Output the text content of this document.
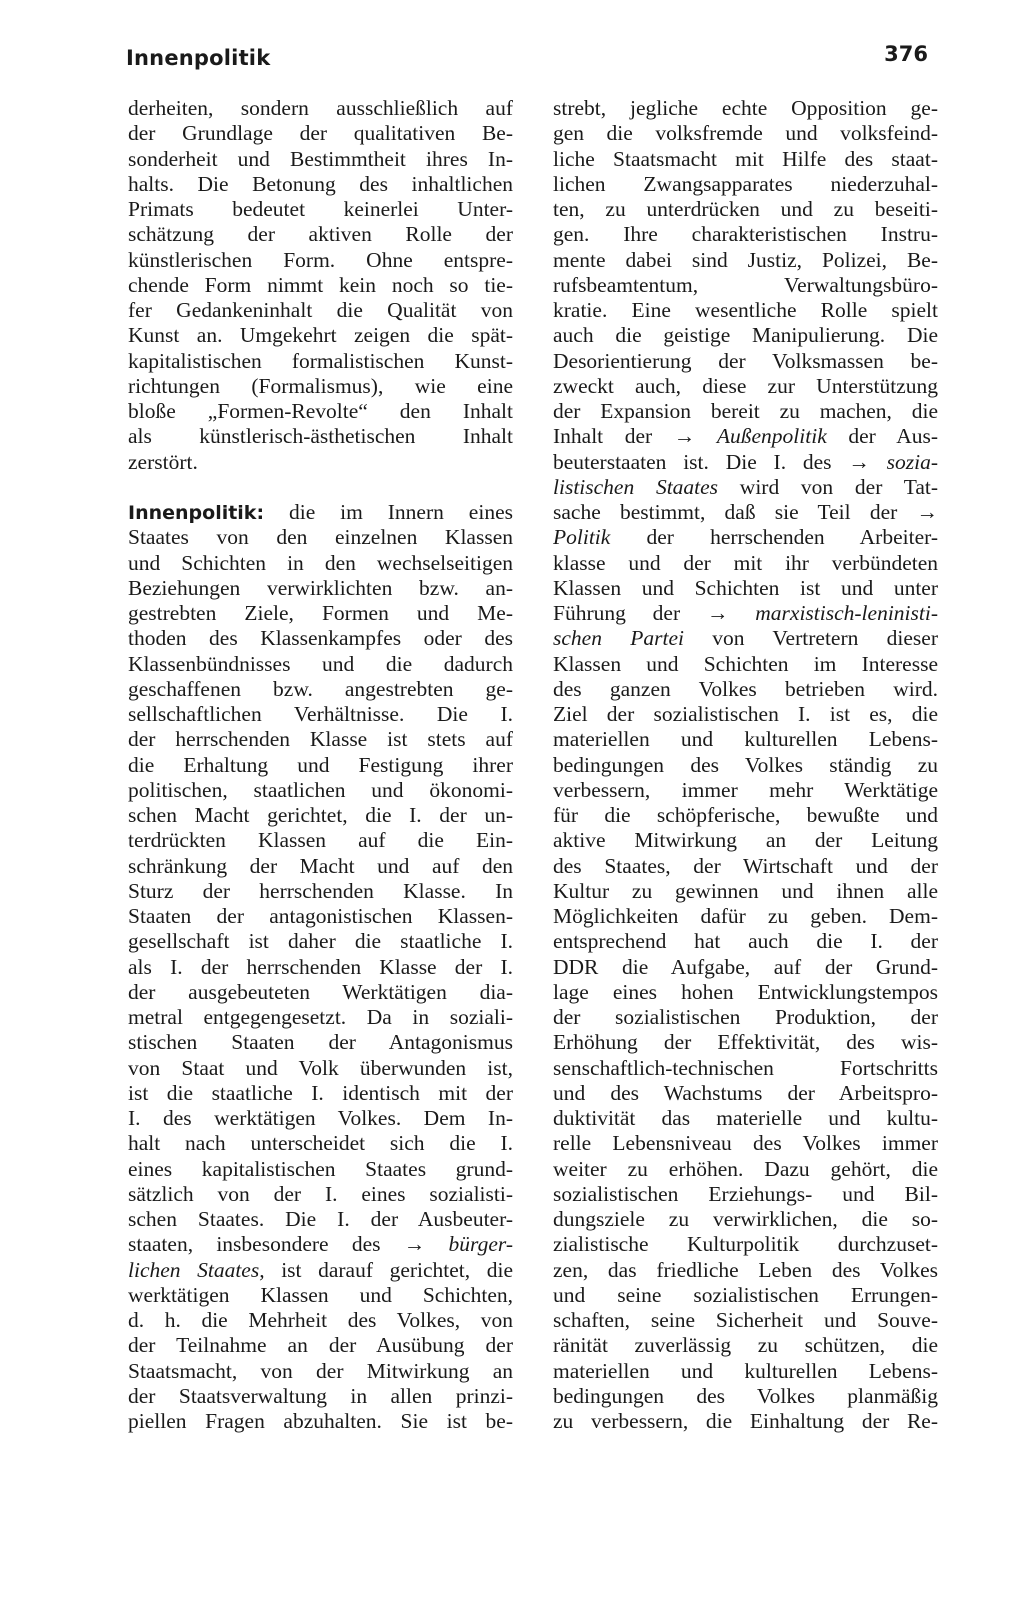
Innenpolitik	376
derheiten, sondern ausschließlich auf
der Grundlage der qualitativen Be-
sonderheit und Bestimmtheit ihres In-
halts. Die Betonung des inhaltlichen
Primats bedeutet keinerlei Unter-
schätzung der aktiven Rolle der
künstlerischen Form. Ohne entspre-
chende Form nimmt kein noch so tie-
fer Gedankeninhalt die Qualität von
Kunst an. Umgekehrt zeigen die spät-
kapitalistischen formalistischen Kunst-
richtungen (Formalismus), wie eine
bloße „Formen-Revolte“ den Inhalt
als künstlerisch-ästhetischen Inhalt
zerstört.
Innenpolitik: die im Innern eines
Staates von den einzelnen Klassen
und Schichten in den wechselseitigen
Beziehungen verwirklichten bzw. an-
gestrebten Ziele, Formen und Me-
thoden des Klassenkampfes oder des
Klassenbündnisses und die dadurch
geschaffenen bzw. angestrebten ge-
sellschaftlichen Verhältnisse. Die I.
der herrschenden Klasse ist stets auf
die Erhaltung und Festigung ihrer
politischen, staatlichen und ökonomi-
schen Macht gerichtet, die I. der un-
terdrückten Klassen auf die Ein-
schränkung der Macht und auf den
Sturz der herrschenden Klasse. In
Staaten der antagonistischen Klassen-
gesellschaft ist daher die staatliche I.
als I. der herrschenden Klasse der I.
der ausgebeuteten Werktätigen dia-
metral entgegengesetzt. Da in soziali-
stischen Staaten der Antagonismus
von Staat und Volk überwunden ist,
ist die staatliche I. identisch mit der
I. des werktätigen Volkes. Dem In-
halt nach unterscheidet sich die I.
eines kapitalistischen Staates grund-
sätzlich von der I. eines sozialisti-
schen Staates. Die I. der Ausbeuter-
staaten, insbesondere des → bürger-
lichen Staates, ist darauf gerichtet, die
werktätigen Klassen und Schichten,
d. h. die Mehrheit des Volkes, von
der Teilnahme an der Ausübung der
Staatsmacht, von der Mitwirkung an
der Staatsverwaltung in allen prinzi-
piellen Fragen abzuhalten. Sie ist be-
strebt, jegliche echte Opposition ge-
gen die volksfremde und volksfeind-
liche Staatsmacht mit Hilfe des staat-
lichen Zwangsapparates niederzuhal-
ten, zu unterdrücken und zu beseiti-
gen. Ihre charakteristischen Instru-
mente dabei sind Justiz, Polizei, Be-
rufsbeamtentum, Verwaltungsbüro-
kratie. Eine wesentliche Rolle spielt
auch die geistige Manipulierung. Die
Desorientierung der Volksmassen be-
zweckt auch, diese zur Unterstützung
der Expansion bereit zu machen, die
Inhalt der → Außenpolitik der Aus-
beuterstaaten ist. Die I. des → sozia-
listischen Staates wird von der Tat-
sache bestimmt, daß sie Teil der →
Politik der herrschenden Arbeiter-
klasse und der mit ihr verbündeten
Klassen und Schichten ist und unter
Führung der → marxistisch-leninisti-
schen Partei von Vertretern dieser
Klassen und Schichten im Interesse
des ganzen Volkes betrieben wird.
Ziel der sozialistischen I. ist es, die
materiellen und kulturellen Lebens-
bedingungen des Volkes ständig zu
verbessern, immer mehr Werktätige
für die schöpferische, bewußte und
aktive Mitwirkung an der Leitung
des Staates, der Wirtschaft und der
Kultur zu gewinnen und ihnen alle
Möglichkeiten dafür zu geben. Dem-
entsprechend hat auch die I. der
DDR die Aufgabe, auf der Grund-
lage eines hohen Entwicklungstempos
der sozialistischen Produktion, der
Erhöhung der Effektivität, des wis-
senschaftlich-technischen Fortschritts
und des Wachstums der Arbeitspro-
duktivität das materielle und kultu-
relle Lebensniveau des Volkes immer
weiter zu erhöhen. Dazu gehört, die
sozialistischen Erziehungs- und Bil-
dungsziele zu verwirklichen, die so-
zialistische Kulturpolitik durchzuset-
zen, das friedliche Leben des Volkes
und seine sozialistischen Errungen-
schaften, seine Sicherheit und Souve-
ränität zuverlässig zu schützen, die
materiellen und kulturellen Lebens-
bedingungen des Volkes planmäßig
zu verbessern, die Einhaltung der Re-
